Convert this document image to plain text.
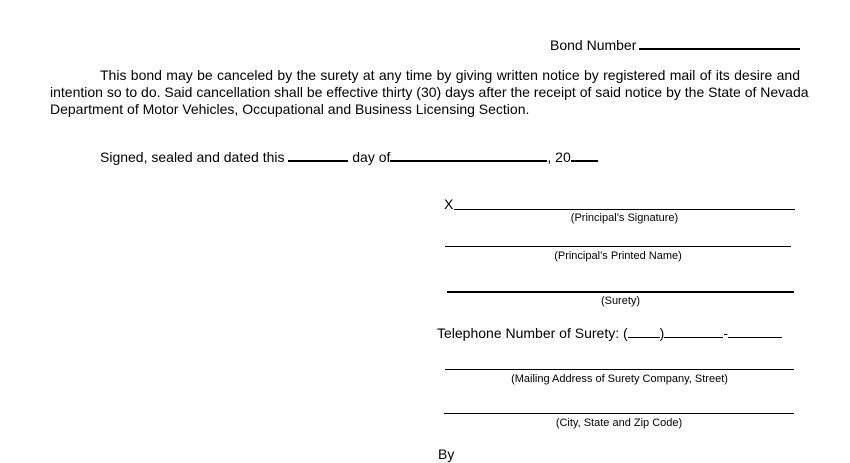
Bond Number
This bond may be canceled by the surety at any time by giving written notice by registered mail of its desire and
intention so to do. Said cancellation shall be effective thirty (30) days after the receipt of said notice by the State of Nevada
Department of Motor Vehicles, Occupational and Business Licensing Section.
Signed, sealed and dated this	day of	, 20
X
(Principal’s Signature)
(Principal’s Printed Name)
(Surety)
Telephone Number of Surety: ( )	-
(Mailing Address of Surety Company, Street)
(City, State and Zip Code)
By
